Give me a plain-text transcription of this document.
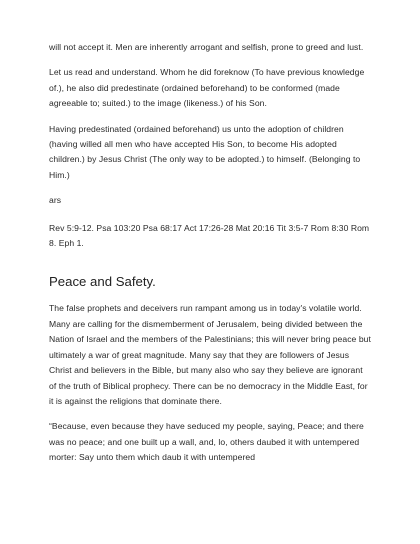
will not accept it. Men are inherently arrogant and selfish, prone to greed and lust.

Let us read and understand. Whom he did foreknow (To have previous knowledge of.), he also did predestinate (ordained beforehand) to be conformed (made agreeable to; suited.) to the image (likeness.) of his Son.

Having predestinated (ordained beforehand) us unto the adoption of children (having willed all men who have accepted His Son, to become His adopted children.) by Jesus Christ (The only way to be adopted.) to himself. (Belonging to Him.)

ars

Rev 5:9-12. Psa 103:20 Psa 68:17 Act 17:26-28 Mat 20:16 Tit 3:5-7 Rom 8:30 Rom 8. Eph 1.

Peace and Safety.

The false prophets and deceivers run rampant among us in today's volatile world. Many are calling for the dismemberment of Jerusalem, being divided between the Nation of Israel and the members of the Palestinians; this will never bring peace but ultimately a war of great magnitude. Many say that they are followers of Jesus Christ and believers in the Bible, but many also who say they believe are ignorant of the truth of Biblical prophecy. There can be no democracy in the Middle East, for it is against the religions that dominate there.

“Because, even because they have seduced my people, saying, Peace; and there was no peace; and one built up a wall, and, lo, others daubed it with untempered morter: Say unto them which daub it with untempered
